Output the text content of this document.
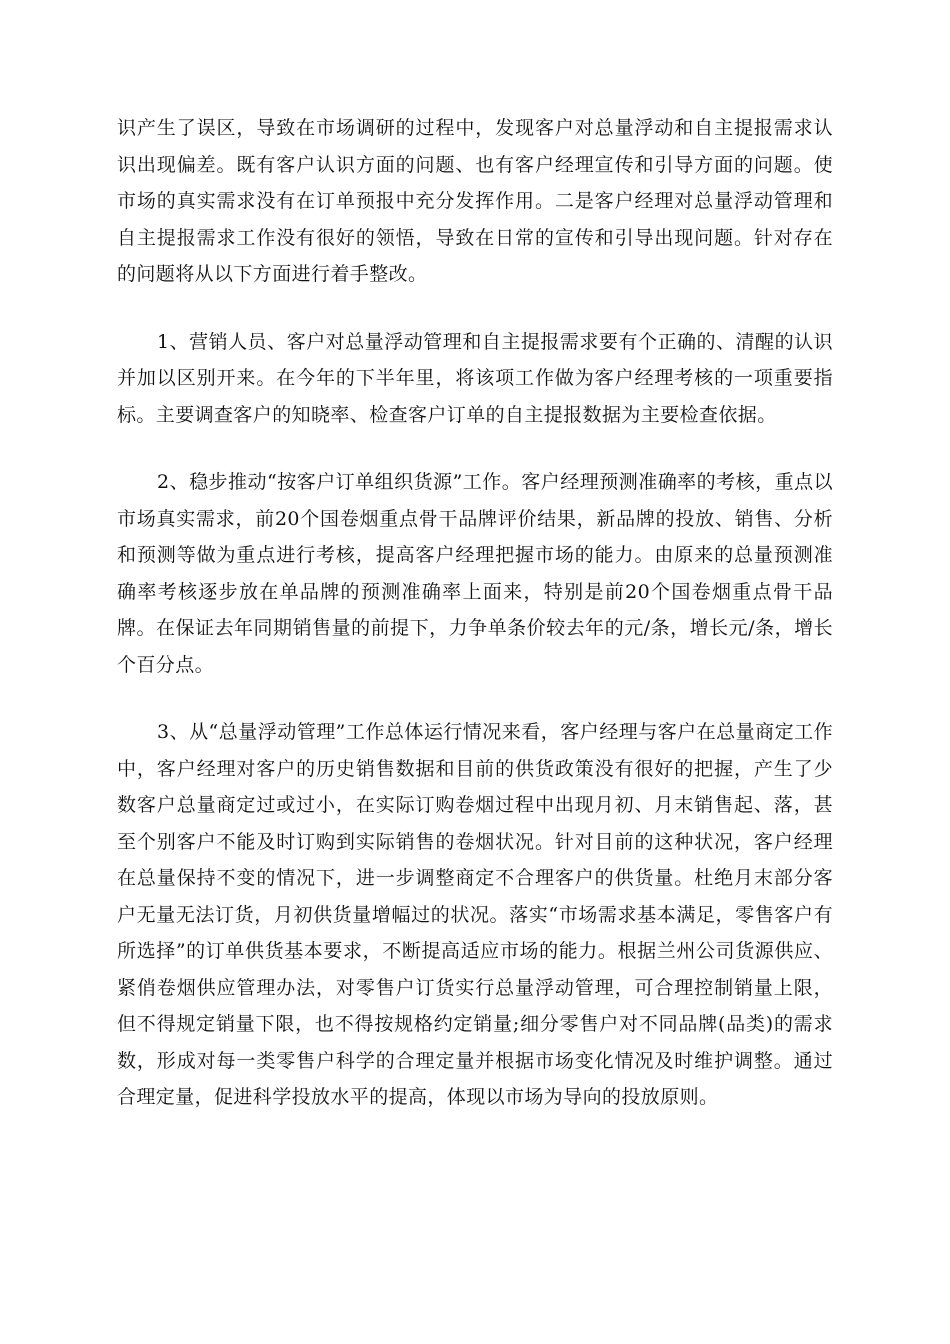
识产生了误区，导致在市场调研的过程中，发现客户对总量浮动和自主提报需求认识出现偏差。既有客户认识方面的问题、也有客户经理宣传和引导方面的问题。使市场的真实需求没有在订单预报中充分发挥作用。二是客户经理对总量浮动管理和自主提报需求工作没有很好的领悟，导致在日常的宣传和引导出现问题。针对存在的问题将从以下方面进行着手整改。

1、营销人员、客户对总量浮动管理和自主提报需求要有个正确的、清醒的认识并加以区别开来。在今年的下半年里，将该项工作做为客户经理考核的一项重要指标。主要调查客户的知晓率、检查客户订单的自主提报数据为主要检查依据。

2、稳步推动“按客户订单组织货源”工作。客户经理预测准确率的考核，重点以市场真实需求，前20个国卷烟重点骨干品牌评价结果，新品牌的投放、销售、分析和预测等做为重点进行考核，提高客户经理把握市场的能力。由原来的总量预测准确率考核逐步放在单品牌的预测准确率上面来，特别是前20个国卷烟重点骨干品牌。在保证去年同期销售量的前提下，力争单条价较去年的元/条，增长元/条，增长个百分点。

3、从“总量浮动管理”工作总体运行情况来看，客户经理与客户在总量商定工作中，客户经理对客户的历史销售数据和目前的供货政策没有很好的把握，产生了少数客户总量商定过或过小，在实际订购卷烟过程中出现月初、月末销售起、落，甚至个别客户不能及时订购到实际销售的卷烟状况。针对目前的这种状况，客户经理在总量保持不变的情况下，进一步调整商定不合理客户的供货量。杜绝月末部分客户无量无法订货，月初供货量增幅过的状况。落实“市场需求基本满足，零售客户有所选择”的订单供货基本要求，不断提高适应市场的能力。根据兰州公司货源供应、紧俏卷烟供应管理办法，对零售户订货实行总量浮动管理，可合理控制销量上限，但不得规定销量下限，也不得按规格约定销量;细分零售户对不同品牌(品类)的需求数，形成对每一类零售户科学的合理定量并根据市场变化情况及时维护调整。通过合理定量，促进科学投放水平的提高，体现以市场为导向的投放原则。
